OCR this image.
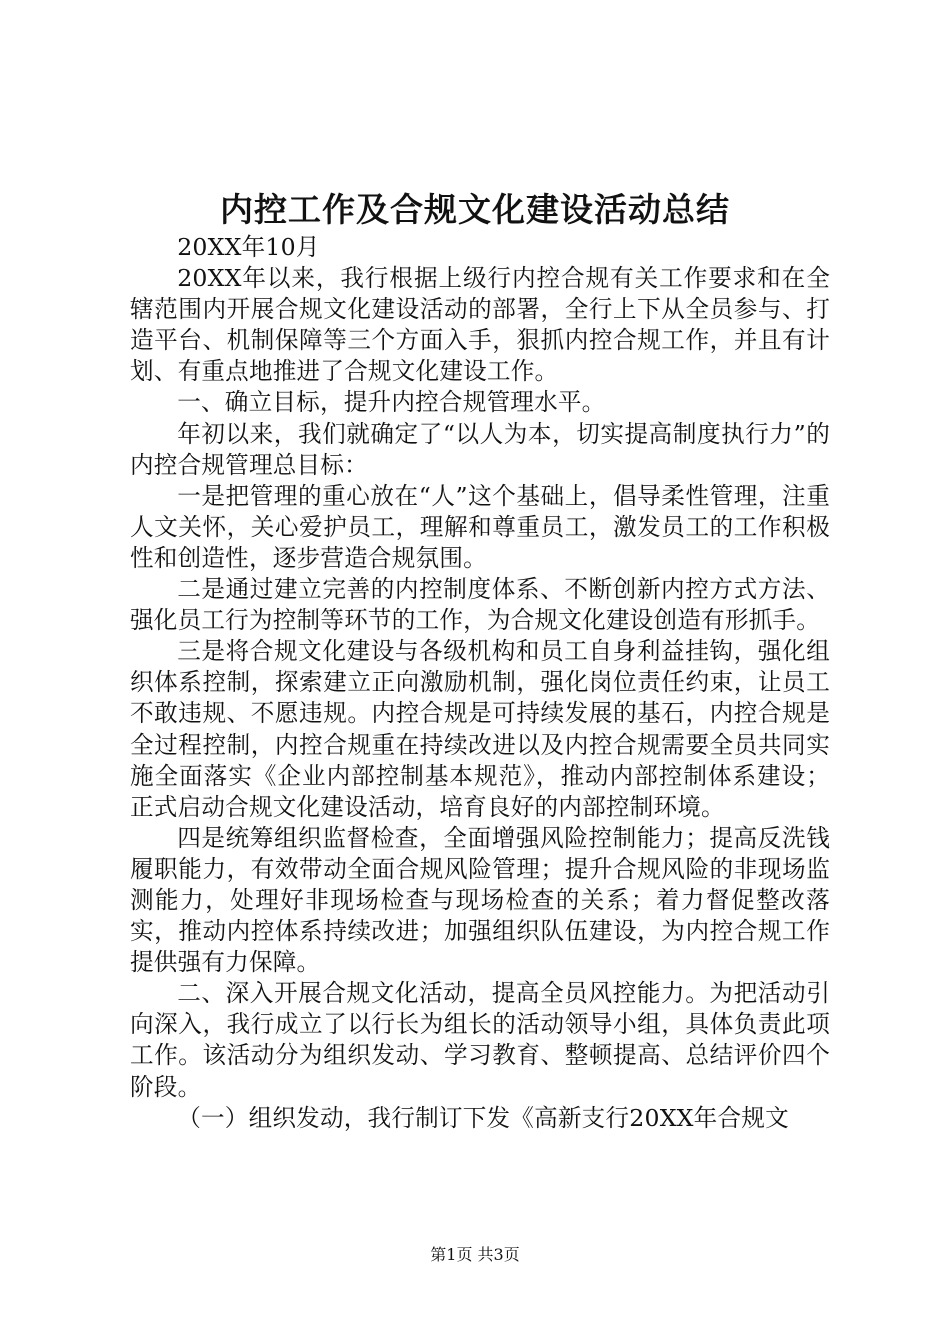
内控工作及合规文化建设活动总结

20XX年10月

20XX年以来，我行根据上级行内控合规有关工作要求和在全辖范围内开展合规文化建设活动的部署，全行上下从全员参与、打造平台、机制保障等三个方面入手，狠抓内控合规工作，并且有计划、有重点地推进了合规文化建设工作。

一、确立目标，提升内控合规管理水平。

年初以来，我们就确定了“以人为本，切实提高制度执行力”的内控合规管理总目标：

一是把管理的重心放在“人”这个基础上，倡导柔性管理，注重人文关怀，关心爱护员工，理解和尊重员工，激发员工的工作积极性和创造性，逐步营造合规氛围。

二是通过建立完善的内控制度体系、不断创新内控方式方法、强化员工行为控制等环节的工作，为合规文化建设创造有形抓手。

三是将合规文化建设与各级机构和员工自身利益挂钩，强化组织体系控制，探索建立正向激励机制，强化岗位责任约束，让员工不敢违规、不愿违规。内控合规是可持续发展的基石，内控合规是全过程控制，内控合规重在持续改进以及内控合规需要全员共同实施全面落实《企业内部控制基本规范》，推动内部控制体系建设；正式启动合规文化建设活动，培育良好的内部控制环境。

四是统筹组织监督检查，全面增强风险控制能力；提高反洗钱履职能力，有效带动全面合规风险管理；提升合规风险的非现场监测能力，处理好非现场检查与现场检查的关系；着力督促整改落实，推动内控体系持续改进；加强组织队伍建设，为内控合规工作提供强有力保障。

二、深入开展合规文化活动，提高全员风控能力。为把活动引向深入，我行成立了以行长为组长的活动领导小组，具体负责此项工作。该活动分为组织发动、学习教育、整顿提高、总结评价四个阶段。

（一）组织发动，我行制订下发《高新支行20XX年合规文

第1页 共3页
